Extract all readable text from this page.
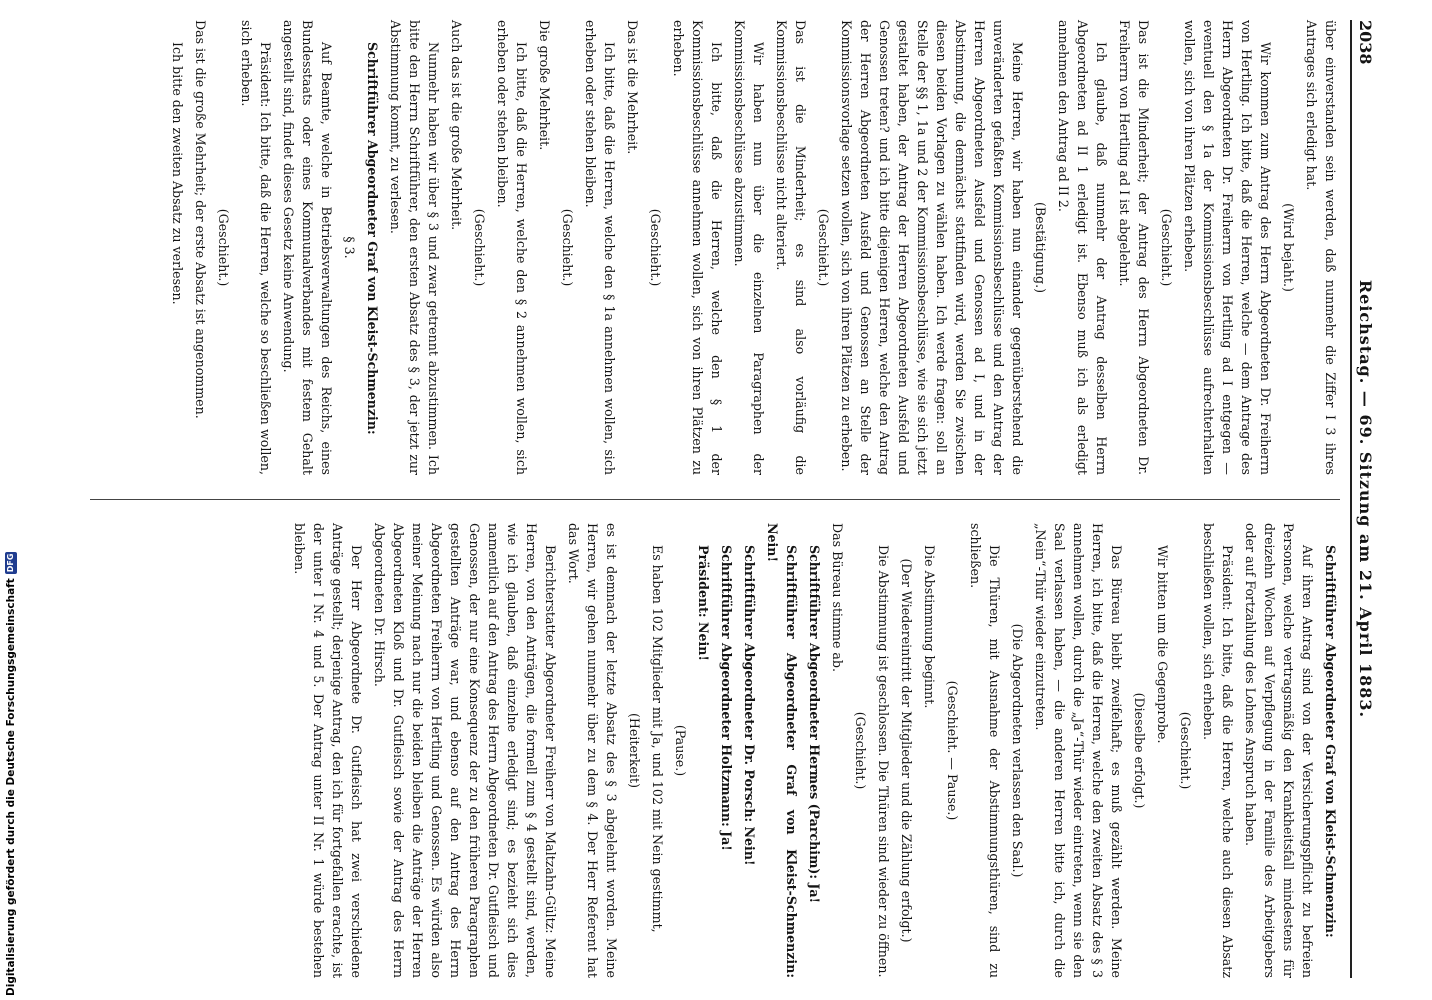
2038
Reichstag. — 69. Sitzung am 21. April 1883.

über einverstanden sein werden, daß nunmehr die Ziffer I 3 ihres Antrages sich erledigt hat.

(Wird bejaht.)

Wir kommen zum Antrag des Herrn Abgeordneten Dr. Freiherrn von Hertling. Ich bitte, daß die Herren, welche — dem Antrage des Herrn Abgeordneten Dr. Freiherrn von Hertling ad I entgegen — eventuell den § 1a der Kommissionsbeschlüsse aufrechterhalten wollen, sich von ihren Plätzen erheben.

(Geschieht.)

Das ist die Minderheit; der Antrag des Herrn Abgeordneten Dr. Freiherrn von Hertling ad I ist abgelehnt.

Ich glaube, daß nunmehr der Antrag desselben Herrn Abgeordneten ad II 1 erledigt ist. Ebenso muß ich als erledigt annehmen den Antrag ad II 2.

(Bestätigung.)

Meine Herren, wir haben nun einander gegenüberstehend die unveränderten gefaßten Kommissionsbeschlüsse und den Antrag der Herren Abgeordneten Ausfeld und Genossen ad I, und in der Abstimmung, die demnächst stattfinden wird, werden Sie zwischen diesen beiden Vorlagen zu wählen haben. Ich werde fragen: soll an Stelle der §§ 1, 1a und 2 der Kommissionsbeschlüsse, wie sie sich jetzt gestaltet haben, der Antrag der Herren Abgeordneten Ausfeld und Genossen treten? und ich bitte diejenigen Herren, welche den Antrag der Herren Abgeordneten Ausfeld und Genossen an Stelle der Kommissionsvorlage setzen wollen, sich von ihren Plätzen zu erheben.

(Geschieht.)

Das ist die Minderheit; es sind also vorläufig die Kommissionsbeschlüsse nicht alteriert.

Wir haben nun über die einzelnen Paragraphen der Kommissionsbeschlüsse abzustimmen.

Ich bitte, daß die Herren, welche den § 1 der Kommissionsbeschlüsse annehmen wollen, sich von ihren Plätzen zu erheben.

(Geschieht.)

Das ist die Mehrheit.

Ich bitte, daß die Herren, welche den § 1a annehmen wollen, sich erheben oder stehen bleiben.

(Geschieht.)

Die große Mehrheit.

Ich bitte, daß die Herren, welche den § 2 annehmen wollen, sich erheben oder stehen bleiben.

(Geschieht.)

Auch das ist die große Mehrheit.

Nunmehr haben wir über § 3 und zwar getrennt abzustimmen. Ich bitte den Herrn Schriftführer, den ersten Absatz des § 3, der jetzt zur Abstimmung kommt, zu verlesen.

Schriftführer Abgeordneter Graf von Kleist-Schmenzin:

§ 3.

Auf Beamte, welche in Betriebsverwaltungen des Reichs, eines Bundesstaats oder eines Kommunalverbandes mit festem Gehalt angestellt sind, findet dieses Gesetz keine Anwendung.

Präsident: Ich bitte, daß die Herren, welche so beschließen wollen, sich erheben.

(Geschieht.)

Das ist die große Mehrheit; der erste Absatz ist angenommen.

Ich bitte den zweiten Absatz zu verlesen.

Schriftführer Abgeordneter Graf von Kleist-Schmenzin:

Auf ihren Antrag sind von der Versicherungspflicht zu befreien Personen, welche vertragsmäßig den Krankheitsfall mindestens für dreizehn Wochen auf Verpflegung in der Familie des Arbeitgebers oder auf Fortzahlung des Lohnes Anspruch haben.

Präsident: Ich bitte, daß die Herren, welche auch diesen Absatz beschließen wollen, sich erheben.

(Geschieht.)

Wir bitten um die Gegenprobe.

(Dieselbe erfolgt.)

Das Büreau bleibt zweifelhaft; es muß gezählt werden. Meine Herren, ich bitte, daß die Herren, welche den zweiten Absatz des § 3 annehmen wollen, durch die „Ja“-Thür wieder eintreten, wenn sie den Saal verlassen haben, — die anderen Herren bitte ich, durch die „Nein“-Thür wieder einzutreten.

(Die Abgeordneten verlassen den Saal.)

Die Thüren, mit Ausnahme der Abstimmungsthüren, sind zu schließen.

(Geschieht. — Pause.)

Die Abstimmung beginnt.

(Der Wiedereintritt der Mitglieder und die Zählung erfolgt.)

Die Abstimmung ist geschlossen. Die Thüren sind wieder zu öffnen.

(Geschieht.)

Das Büreau stimme ab.

Schriftführer Abgeordneter Hermes (Parchim): Ja!

Schriftführer Abgeordneter Graf von Kleist-Schmenzin: Nein!

Schriftführer Abgeordneter Dr. Porsch: Nein!

Schriftführer Abgeordneter Holtzmann: Ja!

Präsident: Nein!

(Pause.)

Es haben 102 Mitglieder mit Ja, und 102 mit Nein gestimmt,

(Heiterkeit)

es ist demnach der letzte Absatz des § 3 abgelehnt worden. Meine Herren, wir gehen nunmehr über zu dem § 4. Der Herr Referent hat das Wort.

Berichterstatter Abgeordneter Freiherr von Maltzahn-Gültz: Meine Herren, von den Anträgen, die formell zum § 4 gestellt sind, werden, wie ich glauben, daß einzelne erledigt sind; es bezieht sich dies namentlich auf den Antrag des Herrn Abgeordneten Dr. Gutfleisch und Genossen, der nur eine Konsequenz der zu den früheren Paragraphen gestellten Anträge war, und ebenso auf den Antrag des Herrn Abgeordneten Freiherrn von Hertling und Genossen. Es würden also meiner Meinung nach nur die beiden bleiben die Anträge der Herren Abgeordneten Kloß und Dr. Gutfleisch sowie der Antrag des Herrn Abgeordneten Dr. Hirsch.

Der Herr Abgeordnete Dr. Gutfleisch hat zwei verschiedene Anträge gestellt; derjenige Antrag, den ich für fortgefallen erachte, ist der unter I Nr. 4 und 5. Der Antrag unter II Nr. 1 würde bestehen bleiben.

Digitalisierung gefördert durch die Deutsche Forschungsgemeinschaft
DFG
